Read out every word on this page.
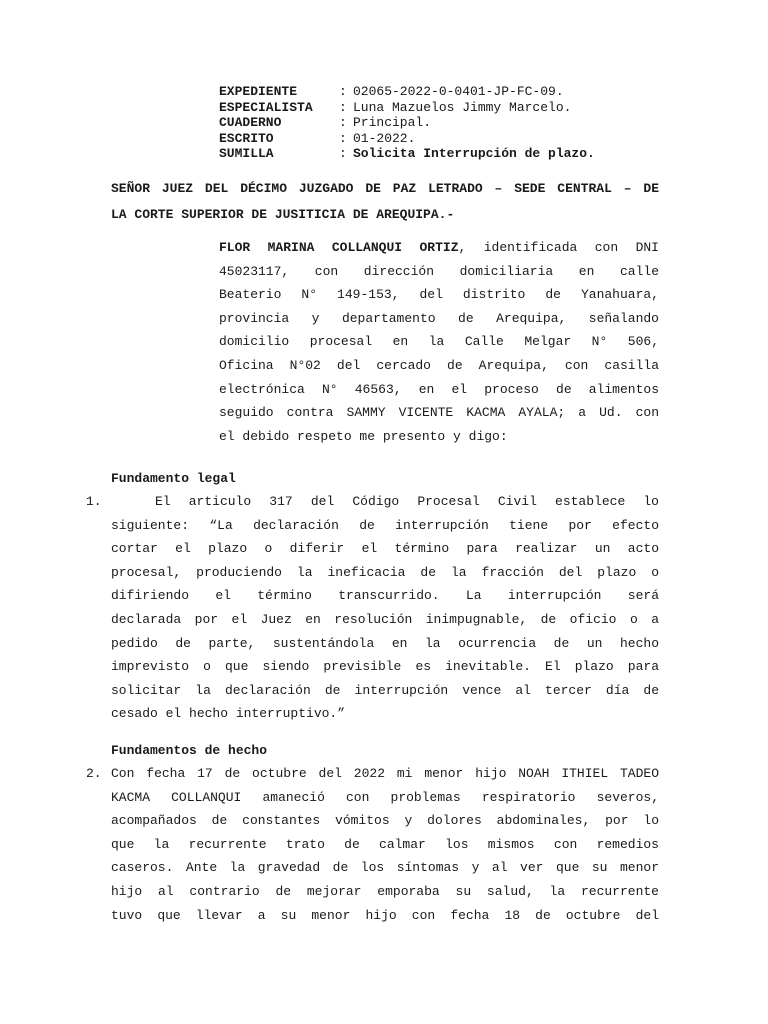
EXPEDIENTE	: 02065-2022-0-0401-JP-FC-09.
ESPECIALISTA	: Luna Mazuelos Jimmy Marcelo.
CUADERNO	: Principal.
ESCRITO	: 01-2022.
SUMILLA	: Solicita Interrupción de plazo.
SEÑOR JUEZ DEL DÉCIMO JUZGADO DE PAZ LETRADO – SEDE CENTRAL – DE
LA CORTE SUPERIOR DE JUSITICIA DE AREQUIPA.-
FLOR MARINA COLLANQUI ORTIZ, identificada con DNI
45023117, con dirección domiciliaria en calle
Beaterio N° 149-153, del distrito de Yanahuara,
provincia y departamento de Arequipa, señalando
domicilio procesal en la Calle Melgar N° 506,
Oficina N°02 del cercado de Arequipa, con casilla
electrónica N° 46563, en el proceso de alimentos
seguido contra SAMMY VICENTE KACMA AYALA; a Ud. con
el debido respeto me presento y digo:
Fundamento legal
1.	El articulo 317 del Código Procesal Civil establece lo
siguiente: “La declaración de interrupción tiene por efecto
cortar el plazo o diferir el término para realizar un acto
procesal, produciendo la ineficacia de la fracción del plazo o
difiriendo el término transcurrido. La interrupción será
declarada por el Juez en resolución inimpugnable, de oficio o a
pedido de parte, sustentándola en la ocurrencia de un hecho
imprevisto o que siendo previsible es inevitable. El plazo para
solicitar la declaración de interrupción vence al tercer día de
cesado el hecho interruptivo.”
Fundamentos de hecho
2. Con fecha 17 de octubre del 2022 mi menor hijo NOAH ITHIEL TADEO
KACMA COLLANQUI amaneció con problemas respiratorio severos,
acompañados de constantes vómitos y dolores abdominales, por lo
que la recurrente trato de calmar los mismos con remedios
caseros. Ante la gravedad de los síntomas y al ver que su menor
hijo al contrario de mejorar emporaba su salud, la recurrente
tuvo que llevar a su menor hijo con fecha 18 de octubre del
